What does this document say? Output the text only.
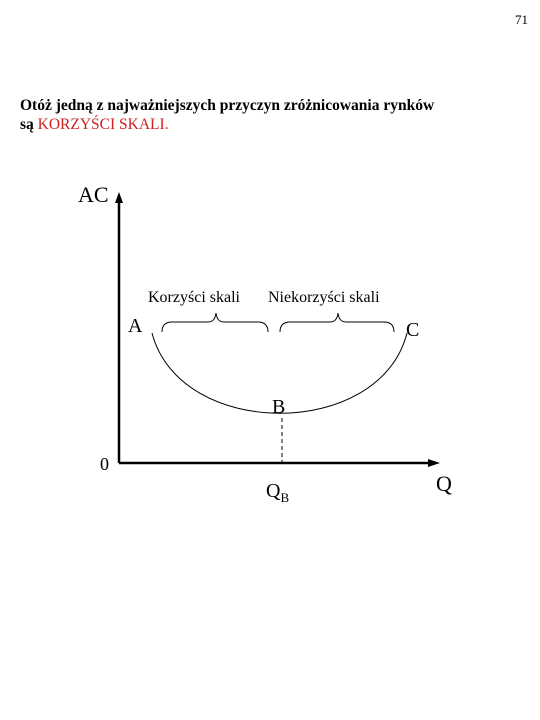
71
Otóż jedną z najważniejszych przyczyn zróżnicowania rynków
są KORZYŚCI SKALI.
AC
Q
0
A
B
C
$Q_B$
Korzyści skali Niekorzyści skali
